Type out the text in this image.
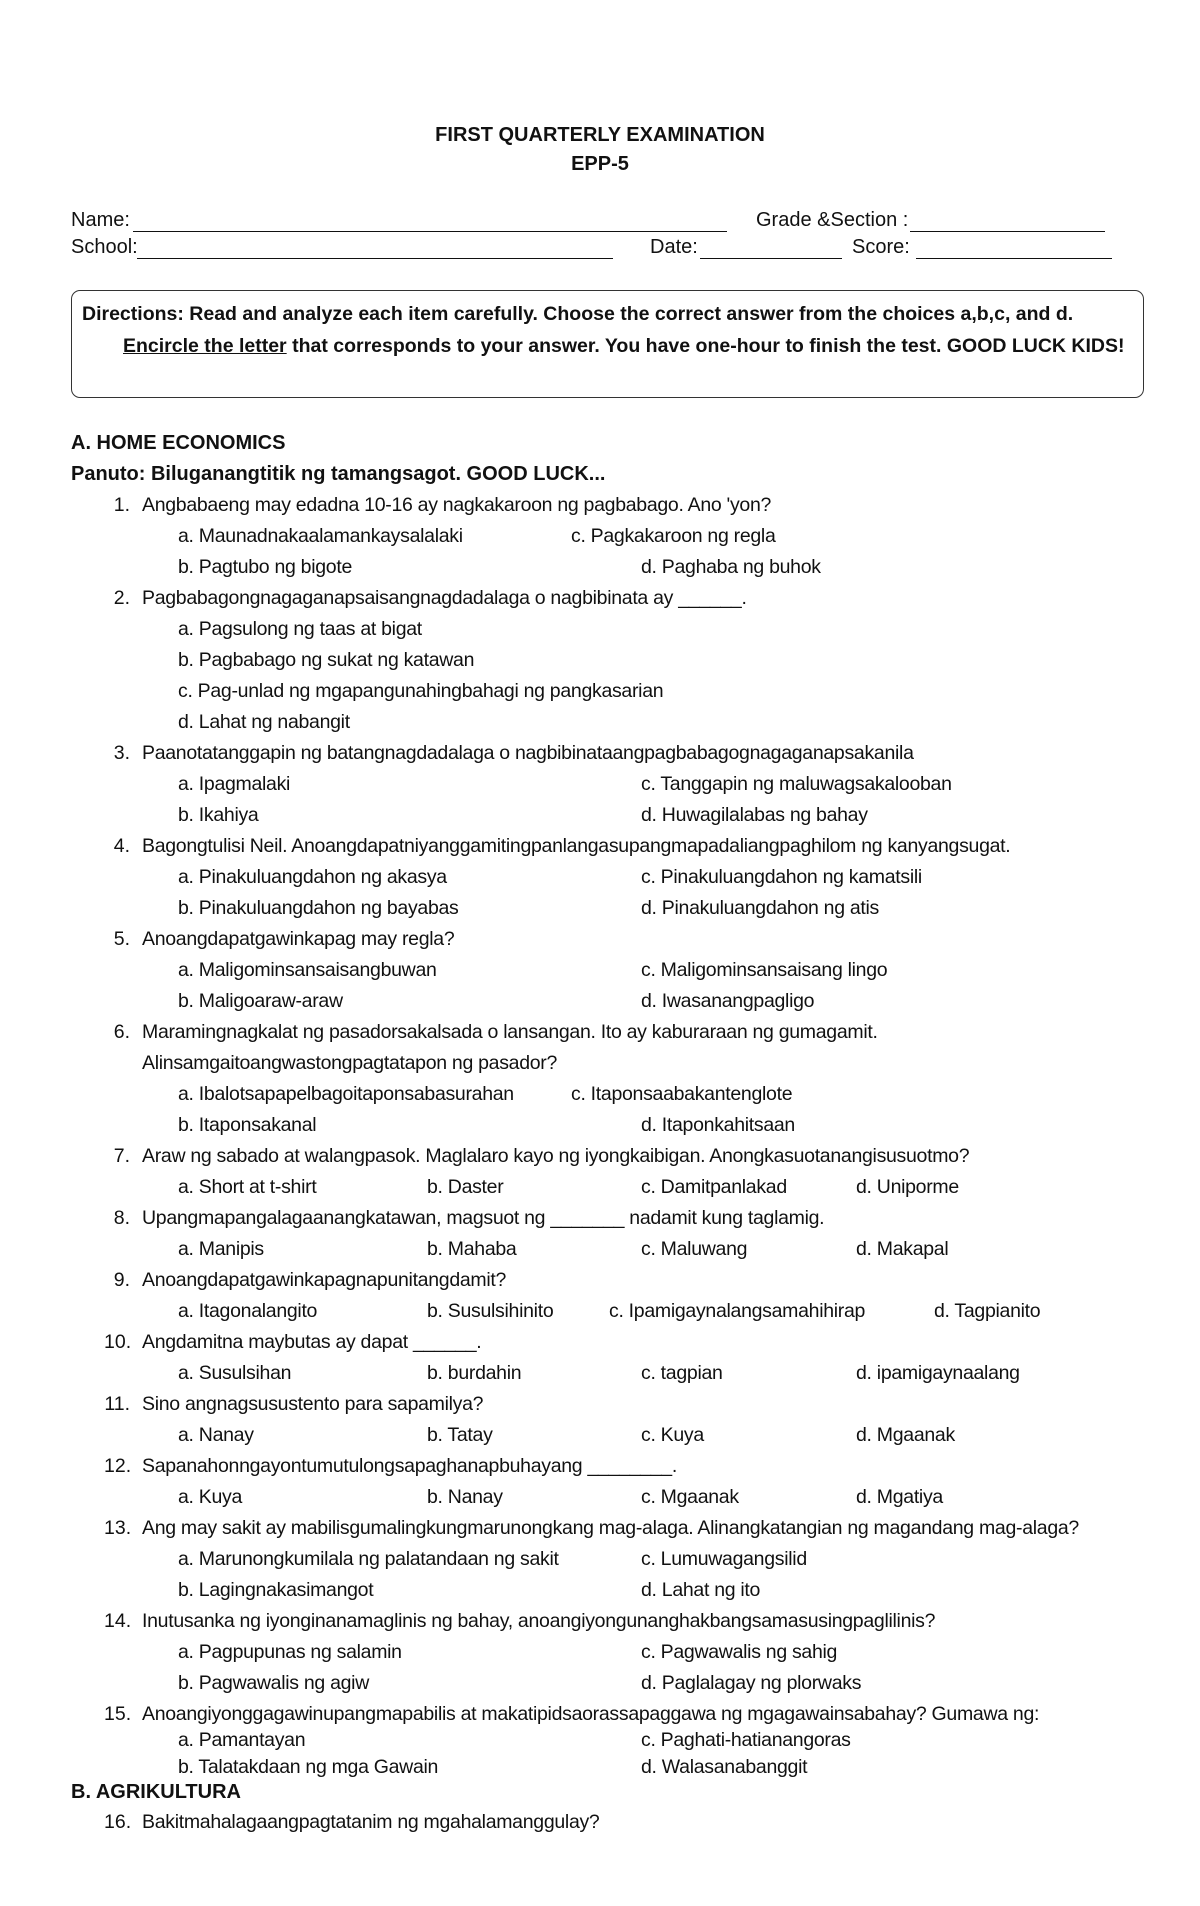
FIRST QUARTERLY EXAMINATION
EPP-5
Name:	Grade &Section :
School:	Date:	Score:
Directions: Read and analyze each item carefully. Choose the correct answer from the choices a,b,c, and d.
Encircle the letter that corresponds to your answer. You have one-hour to finish the test. GOOD LUCK KIDS!
A. HOME ECONOMICS
Panuto: Biluganangtitik ng tamangsagot. GOOD LUCK...
1. Angbabaeng may edadna 10-16 ay nagkakaroon ng pagbabago. Ano 'yon?
a. Maunadnakaalamankaysalalaki	c. Pagkakaroon ng regla
b. Pagtubo ng bigote	d. Paghaba ng buhok
2. Pagbabagongnagaganapsaisangnagdadalaga o nagbibinata ay ______.
a. Pagsulong ng taas at bigat
b. Pagbabago ng sukat ng katawan
c. Pag-unlad ng mgapangunahingbahagi ng pangkasarian
d. Lahat ng nabangit
3. Paanotatanggapin ng batangnagdadalaga o nagbibinataangpagbabagognagaganapsakanila
a. Ipagmalaki	c. Tanggapin ng maluwagsakalooban
b. Ikahiya	d. Huwagilalabas ng bahay
4. Bagongtulisi Neil. Anoangdapatniyanggamitingpanlangasupangmapadaliangpaghilom ng kanyangsugat.
a. Pinakuluangdahon ng akasya	c. Pinakuluangdahon ng kamatsili
b. Pinakuluangdahon ng bayabas	d. Pinakuluangdahon ng atis
5. Anoangdapatgawinkapag may regla?
a. Maligominsansaisangbuwan	c. Maligominsansaisang lingo
b. Maligoaraw-araw	d. Iwasanangpagligo
6. Maramingnagkalat ng pasadorsakalsada o lansangan. Ito ay kaburaraan ng gumagamit.
Alinsamgaitoangwastongpagtatapon ng pasador?
a. Ibalotsapapelbagoitaponsabasurahan	c. Itaponsaabakantenglote
b. Itaponsakanal	d. Itaponkahitsaan
7. Araw ng sabado at walangpasok. Maglalaro kayo ng iyongkaibigan. Anongkasuotanangisusuotmo?
a. Short at t-shirt	b. Daster	c. Damitpanlakad	d. Uniporme
8. Upangmapangalagaanangkatawan, magsuot ng _______ nadamit kung taglamig.
a. Manipis	b. Mahaba	c. Maluwang	d. Makapal
9. Anoangdapatgawinkapagnapunitangdamit?
a. Itagonalangito	b. Susulsihinito	c. Ipamigaynalangsamahihirap	d. Tagpianito
10. Angdamitna maybutas ay dapat ______.
a. Susulsihan	b. burdahin	c. tagpian	d. ipamigaynaalang
11. Sino angnagsusustento para sapamilya?
a. Nanay	b. Tatay	c. Kuya	d. Mgaanak
12. Sapanahonngayontumutulongsapaghanapbuhayang ________.
a. Kuya	b. Nanay	c. Mgaanak	d. Mgatiya
13. Ang may sakit ay mabilisgumalingkungmarunongkang mag-alaga. Alinangkatangian ng magandang mag-alaga?
a. Marunongkumilala ng palatandaan ng sakit	c. Lumuwagangsilid
b. Lagingnakasimangot	d. Lahat ng ito
14. Inutusanka ng iyonginanamaglinis ng bahay, anoangiyongunanghakbangsamasusingpaglilinis?
a. Pagpupunas ng salamin	c. Pagwawalis ng sahig
b. Pagwawalis ng agiw	d. Paglalagay ng plorwaks
15. Anoangiyonggagawinupangmapabilis at makatipidsaorassapaggawa ng mgagawainsabahay? Gumawa ng:
a. Pamantayan	c. Paghati-hatianangoras
b. Talatakdaan ng mga Gawain	d. Walasanabanggit
B. AGRIKULTURA
16. Bakitmahalagaangpagtatanim ng mgahalamanggulay?
